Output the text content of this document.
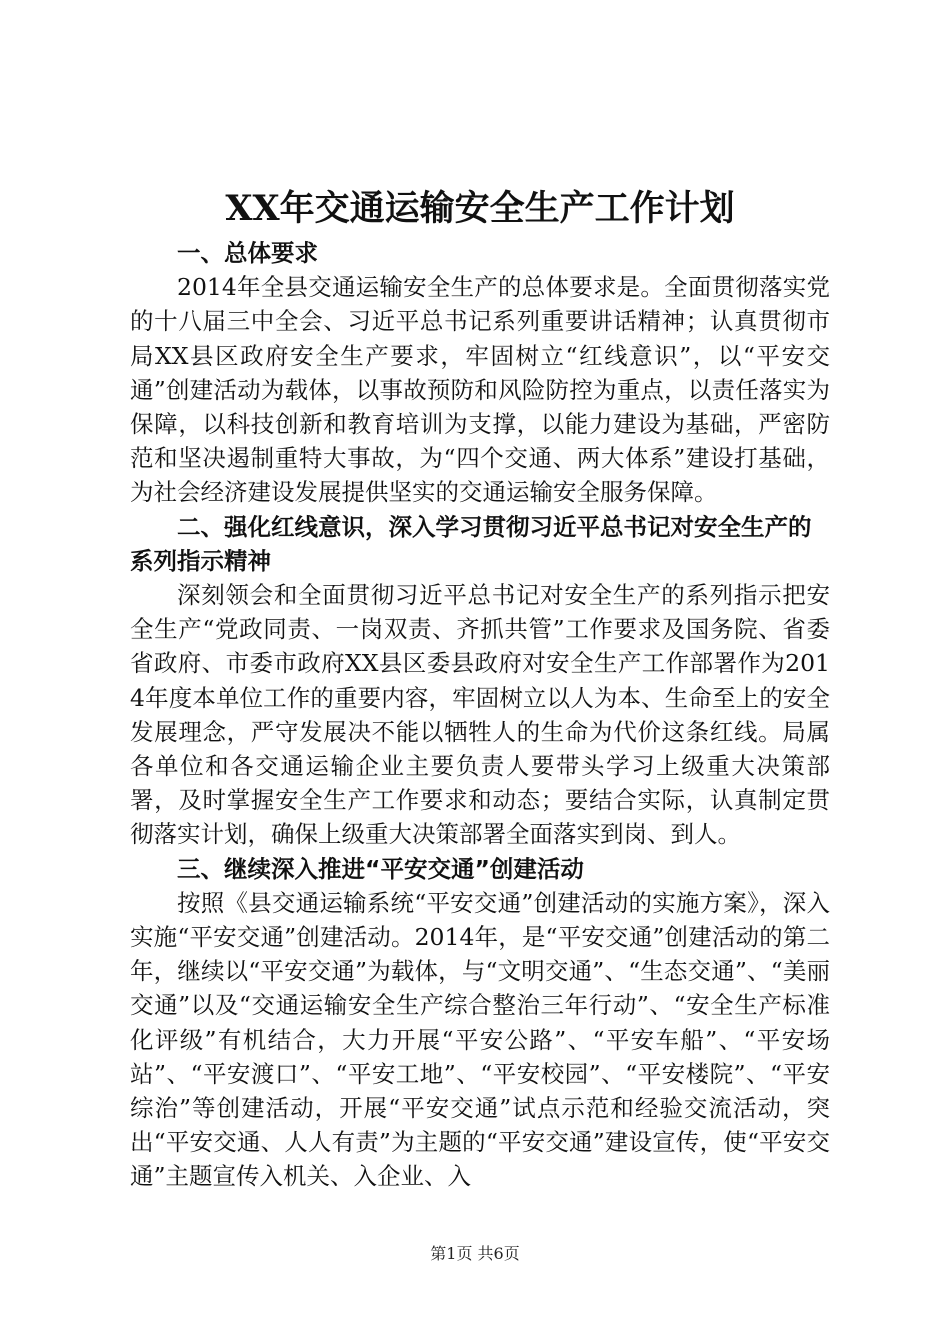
XX年交通运输安全生产工作计划
一、总体要求

2014年全县交通运输安全生产的总体要求是。全面贯彻落实党的十八届三中全会、习近平总书记系列重要讲话精神；认真贯彻市局XX县区政府安全生产要求，牢固树立“红线意识”，以“平安交通”创建活动为载体，以事故预防和风险防控为重点，以责任落实为保障，以科技创新和教育培训为支撑，以能力建设为基础，严密防范和坚决遏制重特大事故，为“四个交通、两大体系”建设打基础，为社会经济建设发展提供坚实的交通运输安全服务保障。

二、强化红线意识，深入学习贯彻习近平总书记对安全生产的系列指示精神

深刻领会和全面贯彻习近平总书记对安全生产的系列指示把安全生产“党政同责、一岗双责、齐抓共管”工作要求及国务院、省委省政府、市委市政府XX县区委县政府对安全生产工作部署作为2014年度本单位工作的重要内容，牢固树立以人为本、生命至上的安全发展理念，严守发展决不能以牺牲人的生命为代价这条红线。局属各单位和各交通运输企业主要负责人要带头学习上级重大决策部署，及时掌握安全生产工作要求和动态；要结合实际，认真制定贯彻落实计划，确保上级重大决策部署全面落实到岗、到人。

三、继续深入推进“平安交通”创建活动

按照《县交通运输系统“平安交通”创建活动的实施方案》，深入实施“平安交通”创建活动。2014年，是“平安交通”创建活动的第二年，继续以“平安交通”为载体，与“文明交通”、“生态交通”、“美丽交通”以及“交通运输安全生产综合整治三年行动”、“安全生产标准化评级”有机结合，大力开展“平安公路”、“平安车船”、“平安场站”、“平安渡口”、“平安工地”、“平安校园”、“平安楼院”、“平安综治”等创建活动，开展“平安交通”试点示范和经验交流活动，突出“平安交通、人人有责”为主题的“平安交通”建设宣传，使“平安交通”主题宣传入机关、入企业、入

第1页 共6页
